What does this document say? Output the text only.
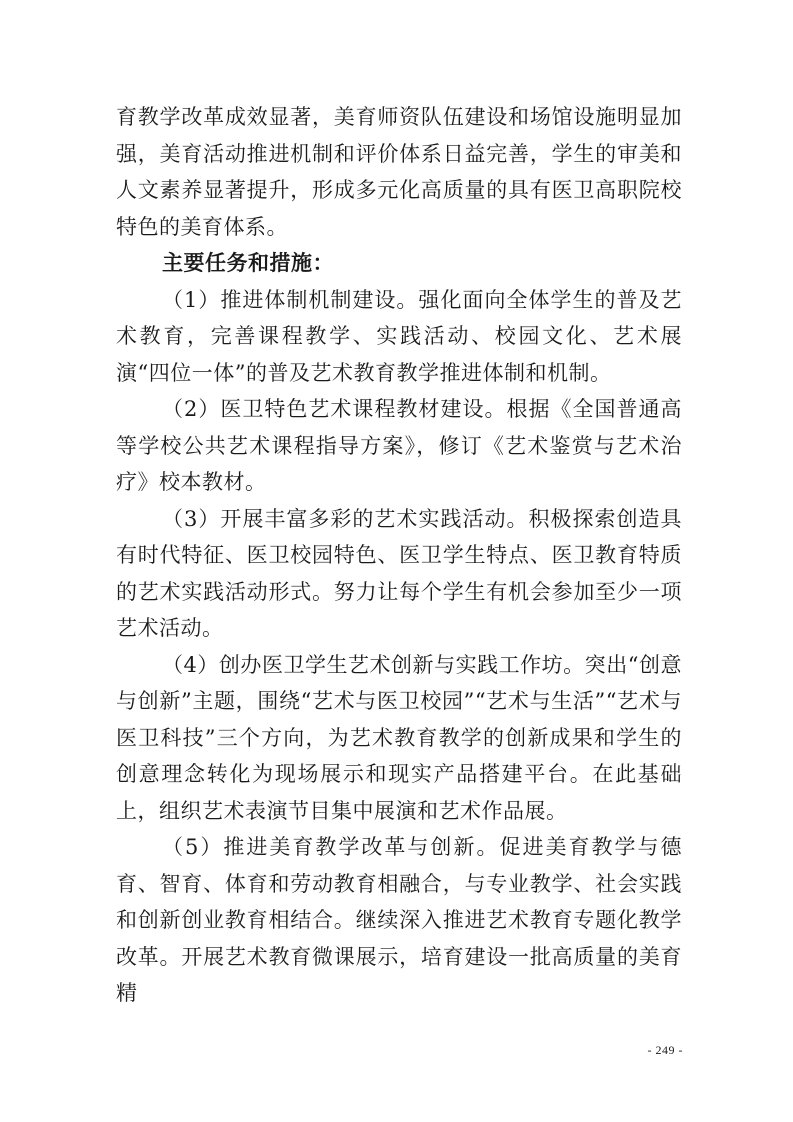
育教学改革成效显著，美育师资队伍建设和场馆设施明显加强，美育活动推进机制和评价体系日益完善，学生的审美和人文素养显著提升，形成多元化高质量的具有医卫高职院校特色的美育体系。

主要任务和措施：

（1）推进体制机制建设。强化面向全体学生的普及艺术教育，完善课程教学、实践活动、校园文化、艺术展演“四位一体”的普及艺术教育教学推进体制和机制。

（2）医卫特色艺术课程教材建设。根据《全国普通高等学校公共艺术课程指导方案》，修订《艺术鉴赏与艺术治疗》校本教材。

（3）开展丰富多彩的艺术实践活动。积极探索创造具有时代特征、医卫校园特色、医卫学生特点、医卫教育特质的艺术实践活动形式。努力让每个学生有机会参加至少一项艺术活动。

（4）创办医卫学生艺术创新与实践工作坊。突出“创意与创新”主题，围绕“艺术与医卫校园”“艺术与生活”“艺术与医卫科技”三个方向，为艺术教育教学的创新成果和学生的创意理念转化为现场展示和现实产品搭建平台。在此基础上，组织艺术表演节目集中展演和艺术作品展。

（5）推进美育教学改革与创新。促进美育教学与德育、智育、体育和劳动教育相融合，与专业教学、社会实践和创新创业教育相结合。继续深入推进艺术教育专题化教学改革。开展艺术教育微课展示，培育建设一批高质量的美育精

- 249 -
